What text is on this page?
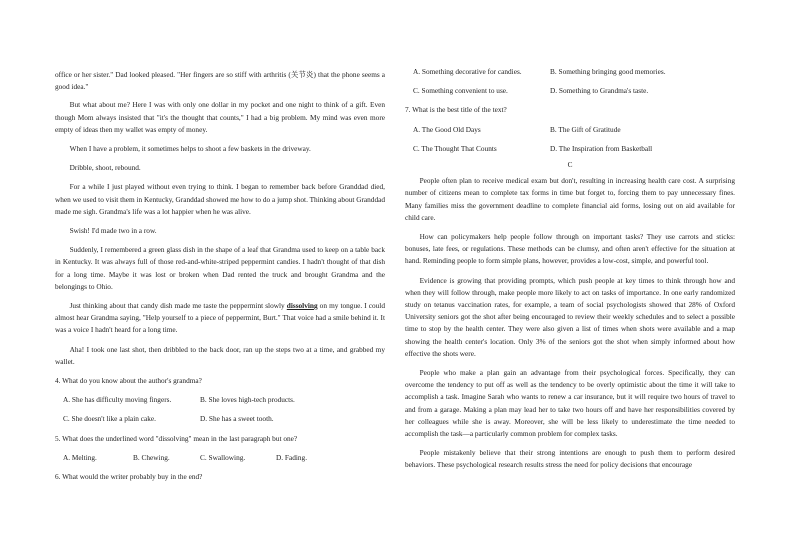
office or her sister." Dad looked pleased. "Her fingers are so stiff with arthritis (关节炎) that the phone seems a good idea."

But what about me? Here I was with only one dollar in my pocket and one night to think of a gift. Even though Mom always insisted that "it's the thought that counts," I had a big problem. My mind was even more empty of ideas then my wallet was empty of money.

When I have a problem, it sometimes helps to shoot a few baskets in the driveway.

Dribble, shoot, rebound.

For a while I just played without even trying to think. I began to remember back before Granddad died, when we used to visit them in Kentucky, Granddad showed me how to do a jump shot. Thinking about Granddad made me sigh. Grandma's life was a lot happier when he was alive.

Swish! I'd made two in a row.

Suddenly, I remembered a green glass dish in the shape of a leaf that Grandma used to keep on a table back in Kentucky. It was always full of those red-and-white-striped peppermint candies. I hadn't thought of that dish for a long time. Maybe it was lost or broken when Dad rented the truck and brought Grandma and the belongings to Ohio.

Just thinking about that candy dish made me taste the peppermint slowly dissolving on my tongue. I could almost hear Grandma saying, "Help yourself to a piece of peppermint, Burt." That voice had a smile behind it. It was a voice I hadn't heard for a long time.

Aha! I took one last shot, then dribbled to the back door, ran up the steps two at a time, and grabbed my wallet.

4. What do you know about the author's grandma?

A. She has difficulty moving fingers.	B. She loves high-tech products.
C. She doesn't like a plain cake.	D. She has a sweet tooth.

5. What does the underlined word "dissolving" mean in the last paragraph but one?

A. Melting.	B. Chewing.	C. Swallowing.	D. Fading.

6. What would the writer probably buy in the end?

A. Something decorative for candies.	B. Something bringing good memories.
C. Something convenient to use.	D. Something to Grandma's taste.

7. What is the best title of the text?

A. The Good Old Days	B. The Gift of Gratitude
C. The Thought That Counts	D. The Inspiration from Basketball

C

People often plan to receive medical exam but don't, resulting in increasing health care cost. A surprising number of citizens mean to complete tax forms in time but forget to, forcing them to pay unnecessary fines. Many families miss the government deadline to complete financial aid forms, losing out on aid available for child care.

How can policymakers help people follow through on important tasks? They use carrots and sticks: bonuses, late fees, or regulations. These methods can be clumsy, and often aren't effective for the situation at hand. Reminding people to form simple plans, however, provides a low-cost, simple, and powerful tool.

Evidence is growing that providing prompts, which push people at key times to think through how and when they will follow through, make people more likely to act on tasks of importance. In one early randomized study on tetanus vaccination rates, for example, a team of social psychologists showed that 28% of Oxford University seniors got the shot after being encouraged to review their weekly schedules and to select a possible time to stop by the health center. They were also given a list of times when shots were available and a map showing the health center's location. Only 3% of the seniors got the shot when simply informed about how effective the shots were.

People who make a plan gain an advantage from their psychological forces. Specifically, they can overcome the tendency to put off as well as the tendency to be overly optimistic about the time it will take to accomplish a task. Imagine Sarah who wants to renew a car insurance, but it will require two hours of travel to and from a garage. Making a plan may lead her to take two hours off and have her responsibilities covered by her colleagues while she is away. Moreover, she will be less likely to underestimate the time needed to accomplish the task—a particularly common problem for complex tasks.

People mistakenly believe that their strong intentions are enough to push them to perform desired behaviors. These psychological research results stress the need for policy decisions that encourage
